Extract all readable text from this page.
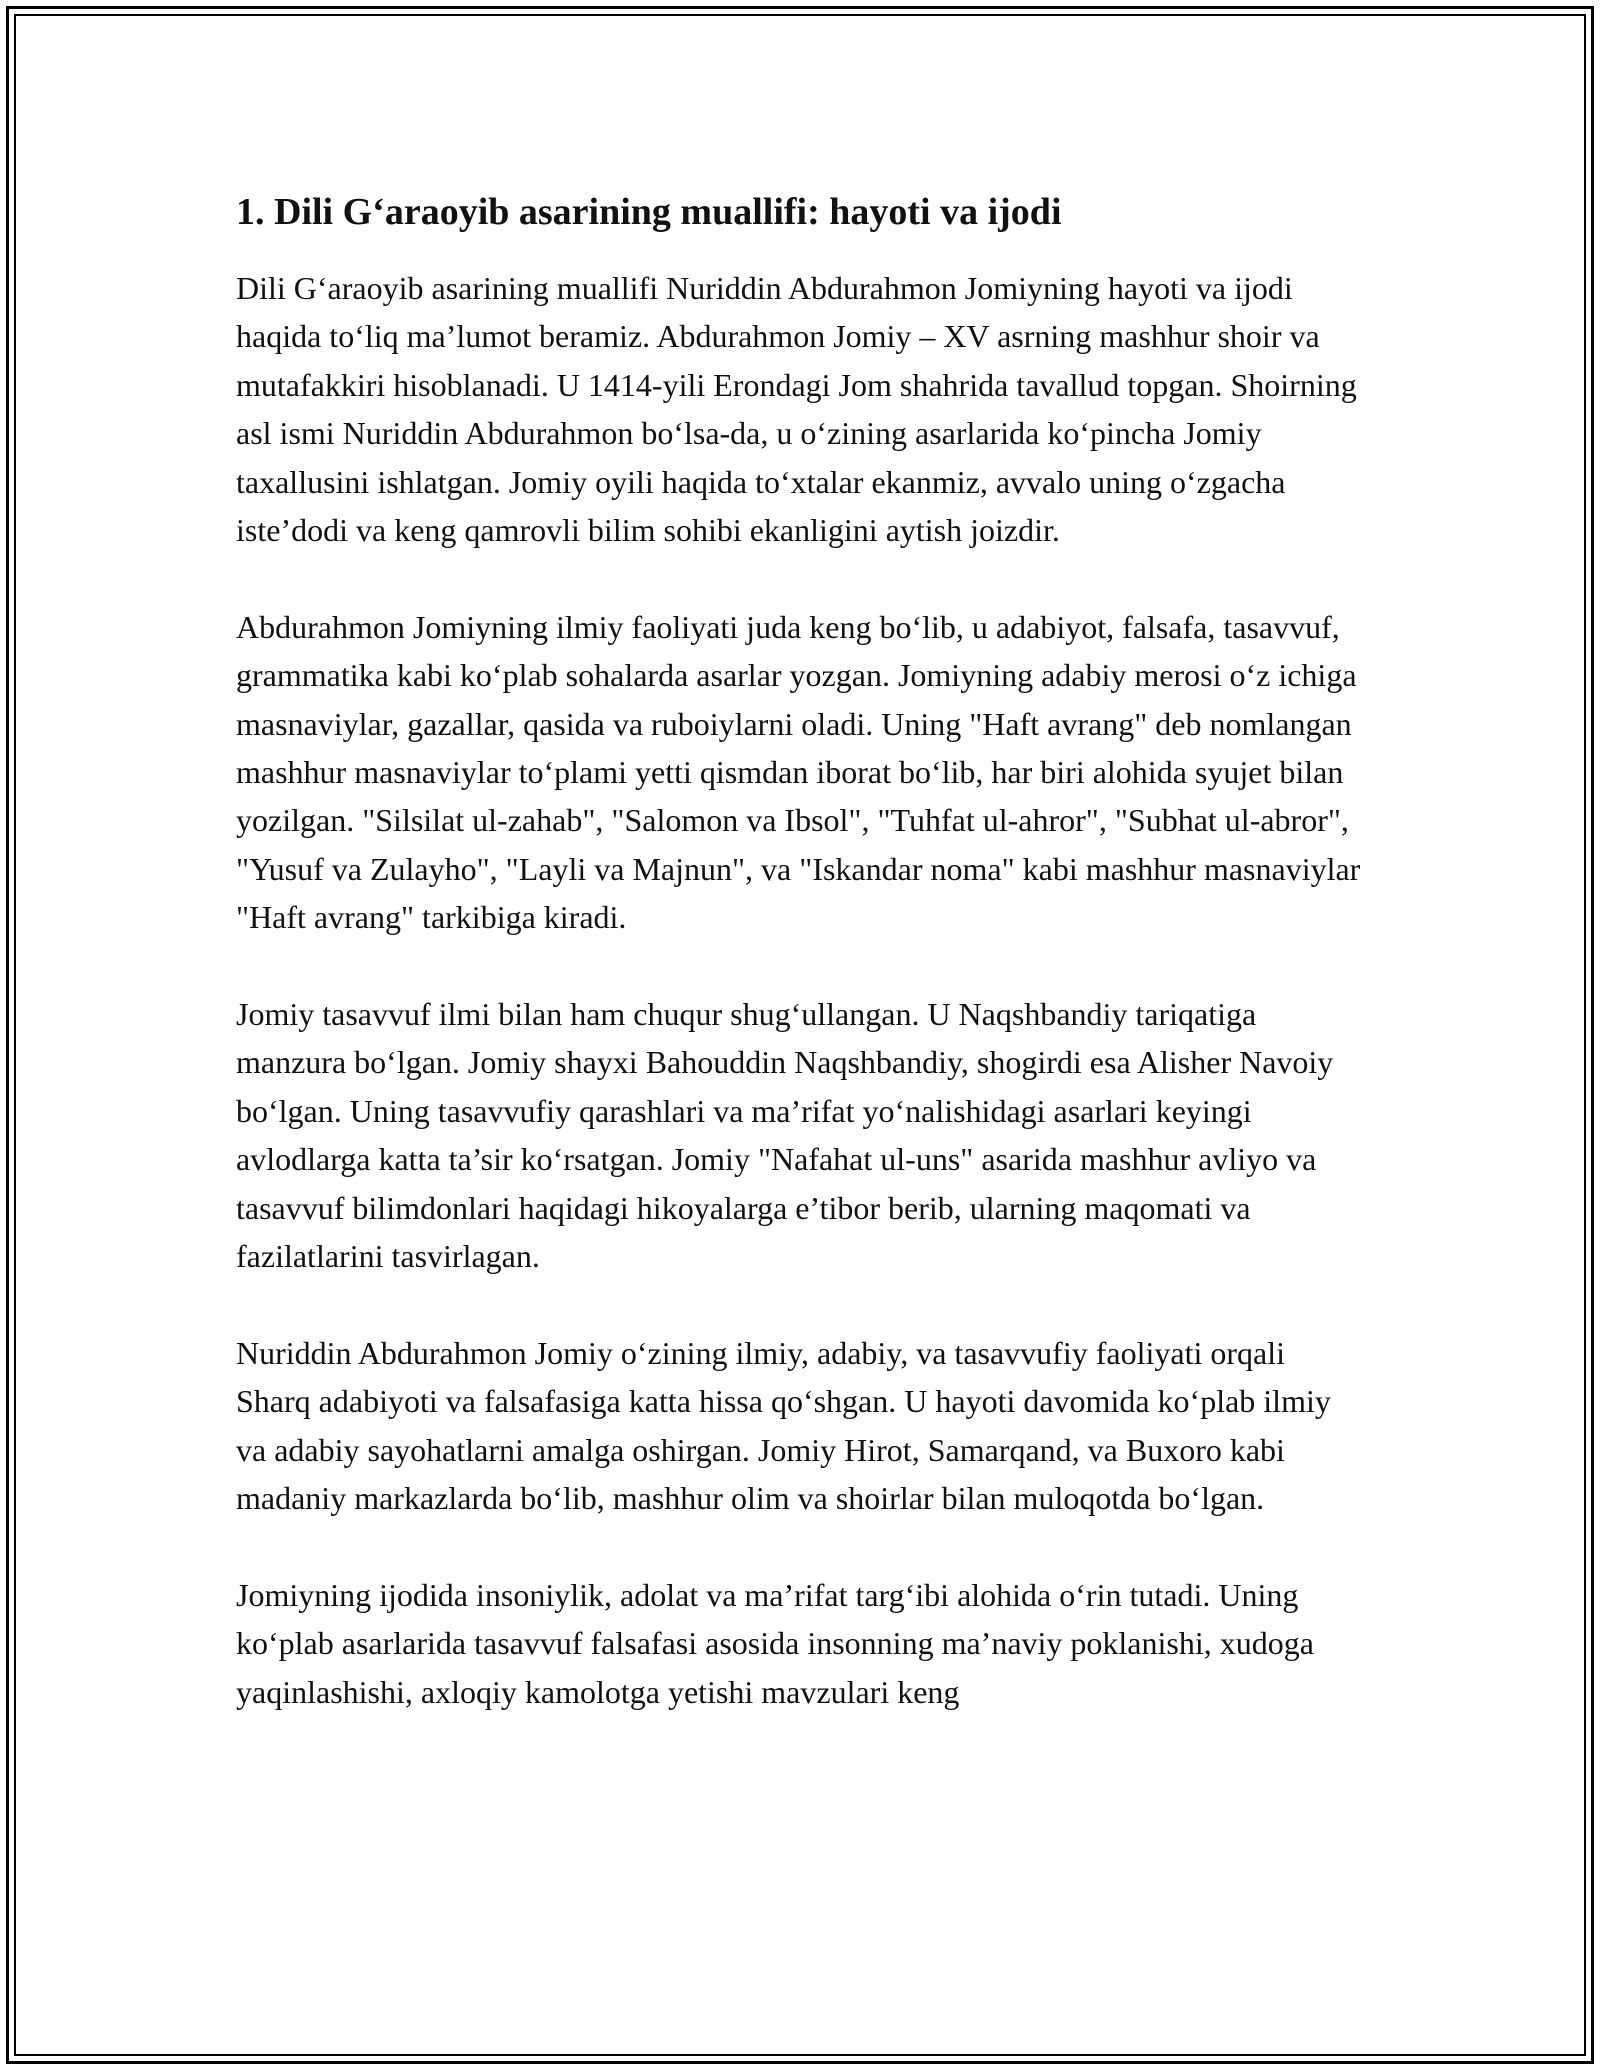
1. Dili G‘araoyib asarining muallifi: hayoti va ijodi

Dili G‘araoyib asarining muallifi Nuriddin Abdurahmon Jomiyning hayoti va ijodi haqida to‘liq ma’lumot beramiz. Abdurahmon Jomiy – XV asrning mashhur shoir va mutafakkiri hisoblanadi. U 1414-yili Erondagi Jom shahrida tavallud topgan. Shoirning asl ismi Nuriddin Abdurahmon bo‘lsa-da, u o‘zining asarlarida ko‘pincha Jomiy taxallusini ishlatgan. Jomiy oyili haqida to‘xtalar ekanmiz, avvalo uning o‘zgacha iste’dodi va keng qamrovli bilim sohibi ekanligini aytish joizdir.

Abdurahmon Jomiyning ilmiy faoliyati juda keng bo‘lib, u adabiyot, falsafa, tasavvuf, grammatika kabi ko‘plab sohalarda asarlar yozgan. Jomiyning adabiy merosi o‘z ichiga masnaviylar, gazallar, qasida va ruboiylarni oladi. Uning "Haft avrang" deb nomlangan mashhur masnaviylar to‘plami yetti qismdan iborat bo‘lib, har biri alohida syujet bilan yozilgan. "Silsilat ul-zahab", "Salomon va Ibsol", "Tuhfat ul-ahror", "Subhat ul-abror", "Yusuf va Zulayho", "Layli va Majnun", va "Iskandar noma" kabi mashhur masnaviylar "Haft avrang" tarkibiga kiradi.

Jomiy tasavvuf ilmi bilan ham chuqur shug‘ullangan. U Naqshbandiy tariqatiga manzura bo‘lgan. Jomiy shayxi Bahouddin Naqshbandiy, shogirdi esa Alisher Navoiy bo‘lgan. Uning tasavvufiy qarashlari va ma’rifat yo‘nalishidagi asarlari keyingi avlodlarga katta ta’sir ko‘rsatgan. Jomiy "Nafahat ul-uns" asarida mashhur avliyo va tasavvuf bilimdonlari haqidagi hikoyalarga e’tibor berib, ularning maqomati va fazilatlarini tasvirlagan.

Nuriddin Abdurahmon Jomiy o‘zining ilmiy, adabiy, va tasavvufiy faoliyati orqali Sharq adabiyoti va falsafasiga katta hissa qo‘shgan. U hayoti davomida ko‘plab ilmiy va adabiy sayohatlarni amalga oshirgan. Jomiy Hirot, Samarqand, va Buxoro kabi madaniy markazlarda bo‘lib, mashhur olim va shoirlar bilan muloqotda bo‘lgan.

Jomiyning ijodida insoniylik, adolat va ma’rifat targ‘ibi alohida o‘rin tutadi. Uning ko‘plab asarlarida tasavvuf falsafasi asosida insonning ma’naviy poklanishi, xudoga yaqinlashishi, axloqiy kamolotga yetishi mavzulari keng
